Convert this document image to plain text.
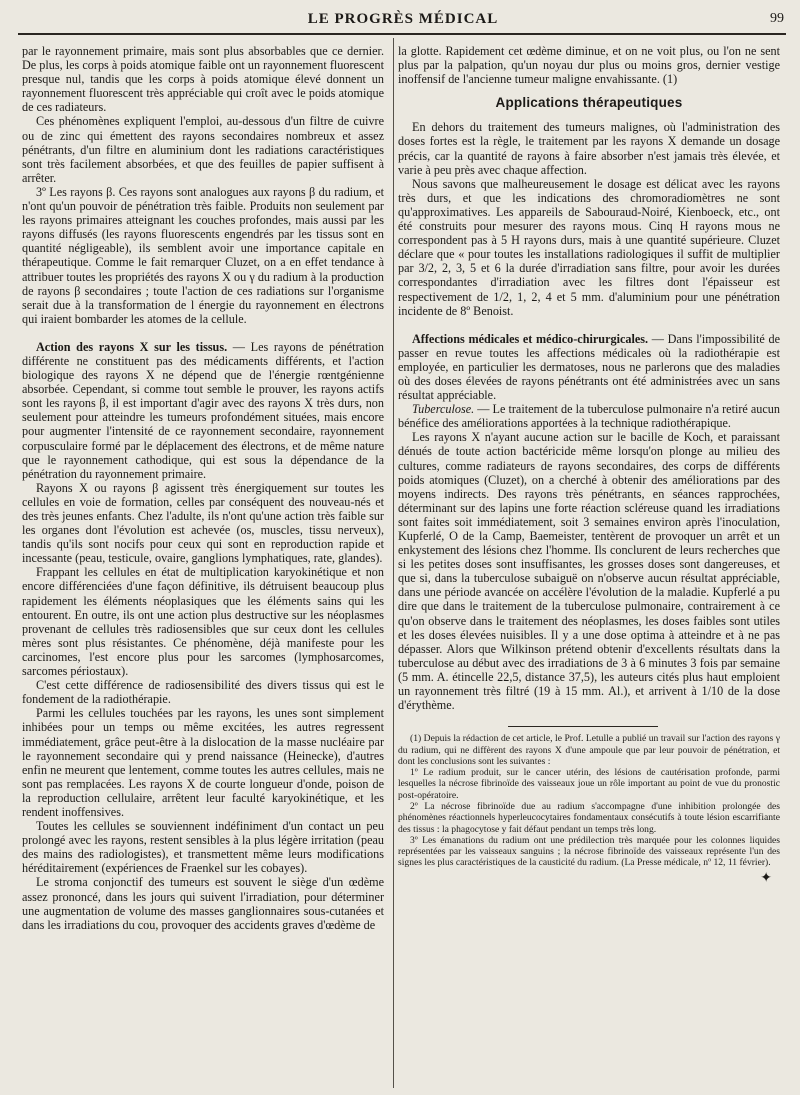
LE PROGRÈS MÉDICAL	99

par le rayonnement primaire, mais sont plus absorbables que ce dernier. De plus, les corps à poids atomique faible ont un rayonnement fluorescent presque nul, tandis que les corps à poids atomique élevé donnent un rayonnement fluorescent très appréciable qui croît avec le poids atomique de ces radiateurs.

Ces phénomènes expliquent l'emploi, au-dessous d'un filtre de cuivre ou de zinc qui émettent des rayons secondaires nombreux et assez pénétrants, d'un filtre en aluminium dont les radiations caractéristiques sont très facilement absorbées, et que des feuilles de papier suffisent à arrêter.

3º Les rayons β. Ces rayons sont analogues aux rayons β du radium, et n'ont qu'un pouvoir de pénétration très faible. Produits non seulement par les rayons primaires atteignant les couches profondes, mais aussi par les rayons diffusés (les rayons fluorescents engendrés par les tissus sont en quantité négligeable), ils semblent avoir une importance capitale en thérapeutique. Comme le fait remarquer Cluzet, on a en effet tendance à attribuer toutes les propriétés des rayons X ou γ du radium à la production de rayons β secondaires ; toute l'action de ces radiations sur l'organisme serait due à la transformation de l énergie du rayonnement en électrons qui iraient bombarder les atomes de la cellule.

Action des rayons X sur les tissus. — Les rayons de pénétration différente ne constituent pas des médicaments différents, et l'action biologique des rayons X ne dépend que de l'énergie rœntgénienne absorbée. Cependant, si comme tout semble le prouver, les rayons actifs sont les rayons β, il est important d'agir avec des rayons X très durs, non seulement pour atteindre les tumeurs profondément situées, mais encore pour augmenter l'intensité de ce rayonnement secondaire, rayonnement corpusculaire formé par le déplacement des électrons, et de même nature que le rayonnement cathodique, qui est sous la dépendance de la pénétration du rayonnement primaire.

Rayons X ou rayons β agissent très énergiquement sur toutes les cellules en voie de formation, celles par conséquent des nouveau-nés et des très jeunes enfants. Chez l'adulte, ils n'ont qu'une action très faible sur les organes dont l'évolution est achevée (os, muscles, tissu nerveux), tandis qu'ils sont nocifs pour ceux qui sont en reproduction rapide et incessante (peau, testicule, ovaire, ganglions lymphatiques, rate, glandes).

Frappant les cellules en état de multiplication karyokinétique et non encore différenciées d'une façon définitive, ils détruisent beaucoup plus rapidement les éléments néoplasiques que les éléments sains qui les entourent. En outre, ils ont une action plus destructive sur les néoplasmes provenant de cellules très radiosensibles que sur ceux dont les cellules mères sont plus résistantes. Ce phénomène, déjà manifeste pour les carcinomes, l'est encore plus pour les sarcomes (lymphosarcomes, sarcomes périostaux).

C'est cette différence de radiosensibilité des divers tissus qui est le fondement de la radiothérapie.

Parmi les cellules touchées par les rayons, les unes sont simplement inhibées pour un temps ou même excitées, les autres regressent immédiatement, grâce peut-être à la dislocation de la masse nucléaire par le rayonnement secondaire qui y prend naissance (Heinecke), d'autres enfin ne meurent que lentement, comme toutes les autres cellules, mais ne sont pas remplacées. Les rayons X de courte longueur d'onde, poison de la reproduction cellulaire, arrêtent leur faculté karyokinétique, et les rendent inoffensives.

Toutes les cellules se souviennent indéfiniment d'un contact un peu prolongé avec les rayons, restent sensibles à la plus légère irritation (peau des mains des radiologistes), et transmettent même leurs modifications héréditairement (expériences de Fraenkel sur les cobayes).

Le stroma conjonctif des tumeurs est souvent le siège d'un œdème assez prononcé, dans les jours qui suivent l'irradiation, pour déterminer une augmentation de volume des masses ganglionnaires sous-cutanées et dans les irradiations du cou, provoquer des accidents graves d'œdème de

la glotte. Rapidement cet œdème diminue, et on ne voit plus, ou l'on ne sent plus par la palpation, qu'un noyau dur plus ou moins gros, dernier vestige inoffensif de l'ancienne tumeur maligne envahissante. (1)

Applications thérapeutiques

En dehors du traitement des tumeurs malignes, où l'administration des doses fortes est la règle, le traitement par les rayons X demande un dosage précis, car la quantité de rayons à faire absorber n'est jamais très élevée, et varie à peu près avec chaque affection.

Nous savons que malheureusement le dosage est délicat avec les rayons très durs, et que les indications des chromoradiomètres ne sont qu'approximatives. Les appareils de Sabouraud-Noiré, Kienboeck, etc., ont été construits pour mesurer des rayons mous. Cinq H rayons mous ne correspondent pas à 5 H rayons durs, mais à une quantité supérieure. Cluzet déclare que « pour toutes les installations radiologiques il suffit de multiplier par 3/2, 2, 3, 5 et 6 la durée d'irradiation sans filtre, pour avoir les durées correspondantes d'irradiation avec les filtres dont l'épaisseur est respectivement de 1/2, 1, 2, 4 et 5 mm. d'aluminium pour une pénétration incidente de 8º Benoist.

Affections médicales et médico-chirurgicales. — Dans l'impossibilité de passer en revue toutes les affections médicales où la radiothérapie est employée, en particulier les dermatoses, nous ne parlerons que des maladies où des doses élevées de rayons pénétrants ont été administrées avec un sans résultat appréciable.

Tuberculose. — Le traitement de la tuberculose pulmonaire n'a retiré aucun bénéfice des améliorations apportées à la technique radiothérapique.

Les rayons X n'ayant aucune action sur le bacille de Koch, et paraissant dénués de toute action bactéricide même lorsqu'on plonge au milieu des cultures, comme radiateurs de rayons secondaires, des corps de différents poids atomiques (Cluzet), on a cherché à obtenir des améliorations par des moyens indirects. Des rayons très pénétrants, en séances rapprochées, déterminant sur des lapins une forte réaction scléreuse quand les irradiations sont faites soit immédiatement, soit 3 semaines environ après l'inoculation, Kupferlé, O de la Camp, Baemeister, tentèrent de provoquer un arrêt et un enkystement des lésions chez l'homme. Ils conclurent de leurs recherches que si les petites doses sont insuffisantes, les grosses doses sont dangereuses, et que si, dans la tuberculose subaiguë on n'observe aucun résultat appréciable, dans une période avancée on accélère l'évolution de la maladie. Kupferlé a pu dire que dans le traitement de la tuberculose pulmonaire, contrairement à ce qu'on observe dans le traitement des néoplasmes, les doses faibles sont utiles et les doses élevées nuisibles. Il y a une dose optima à atteindre et à ne pas dépasser. Alors que Wilkinson prétend obtenir d'excellents résultats dans la tuberculose au début avec des irradiations de 3 à 6 minutes 3 fois par semaine (5 mm. A. étincelle 22,5, distance 37,5), les auteurs cités plus haut emploient un rayonnement très filtré (19 à 15 mm. Al.), et arrivent à 1/10 de la dose d'érythème.

(1) Depuis la rédaction de cet article, le Prof. Letulle a publié un travail sur l'action des rayons γ du radium, qui ne diffèrent des rayons X d'une ampoule que par leur pouvoir de pénétration, et dont les conclusions sont les suivantes :

1º Le radium produit, sur le cancer utérin, des lésions de cautérisation profonde, parmi lesquelles la nécrose fibrinoïde des vaisseaux joue un rôle important au point de vue du pronostic post-opératoire.

2º La nécrose fibrinoïde due au radium s'accompagne d'une inhibition prolongée des phénomènes réactionnels hyperleucocytaires fondamentaux consécutifs à toute lésion escarrifiante des tissus : la phagocytose y fait défaut pendant un temps très long.

3º Les émanations du radium ont une prédilection très marquée pour les colonnes liquides représentées par les vaisseaux sanguins ; la nécrose fibrinoïde des vaisseaux représente l'un des signes les plus caractéristiques de la causticité du radium. (La Presse médicale, nº 12, 11 février).

✦
